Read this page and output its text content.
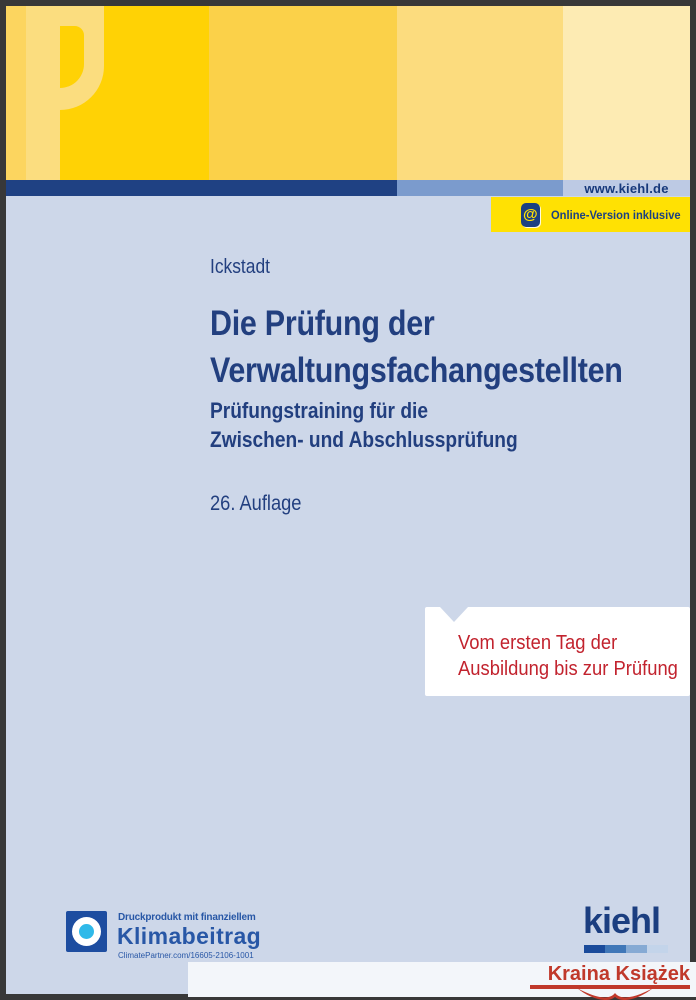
www.kiehl.de
@ Online-Version inklusive
Ickstadt
Die Prüfung der
Verwaltungsfachangestellten
Prüfungstraining für die
Zwischen- und Abschlussprüfung
26. Auflage
Vom ersten Tag der
Ausbildung bis zur Prüfung
Druckprodukt mit finanziellem
Klimabeitrag
ClimatePartner.com/16605-2106-1001
kiehl
Kraina Książek
